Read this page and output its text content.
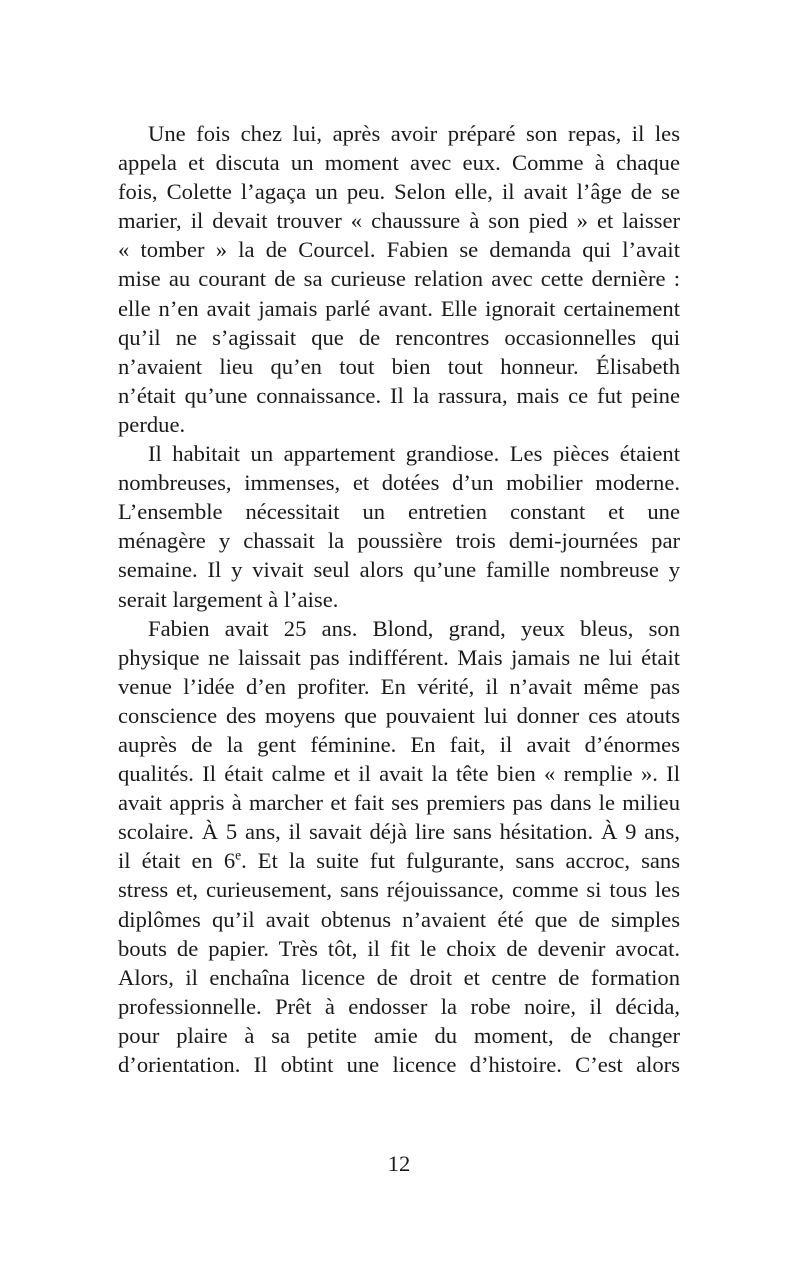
Une fois chez lui, après avoir préparé son repas, il les
appela et discuta un moment avec eux. Comme à chaque
fois, Colette l’agaça un peu. Selon elle, il avait l’âge de se
marier, il devait trouver « chaussure à son pied » et laisser
« tomber » la de Courcel. Fabien se demanda qui l’avait
mise au courant de sa curieuse relation avec cette dernière :
elle n’en avait jamais parlé avant. Elle ignorait certainement
qu’il ne s’agissait que de rencontres occasionnelles qui
n’avaient lieu qu’en tout bien tout honneur. Élisabeth
n’était qu’une connaissance. Il la rassura, mais ce fut peine
perdue.
Il habitait un appartement grandiose. Les pièces étaient
nombreuses, immenses, et dotées d’un mobilier moderne.
L’ensemble nécessitait un entretien constant et une
ménagère y chassait la poussière trois demi-journées par
semaine. Il y vivait seul alors qu’une famille nombreuse y
serait largement à l’aise.
Fabien avait 25 ans. Blond, grand, yeux bleus, son
physique ne laissait pas indifférent. Mais jamais ne lui était
venue l’idée d’en profiter. En vérité, il n’avait même pas
conscience des moyens que pouvaient lui donner ces atouts
auprès de la gent féminine. En fait, il avait d’énormes
qualités. Il était calme et il avait la tête bien « remplie ». Il
avait appris à marcher et fait ses premiers pas dans le milieu
scolaire. À 5 ans, il savait déjà lire sans hésitation. À 9 ans,
il était en 6e. Et la suite fut fulgurante, sans accroc, sans
stress et, curieusement, sans réjouissance, comme si tous les
diplômes qu’il avait obtenus n’avaient été que de simples
bouts de papier. Très tôt, il fit le choix de devenir avocat.
Alors, il enchaîna licence de droit et centre de formation
professionnelle. Prêt à endosser la robe noire, il décida,
pour plaire à sa petite amie du moment, de changer
d’orientation. Il obtint une licence d’histoire. C’est alors
12
